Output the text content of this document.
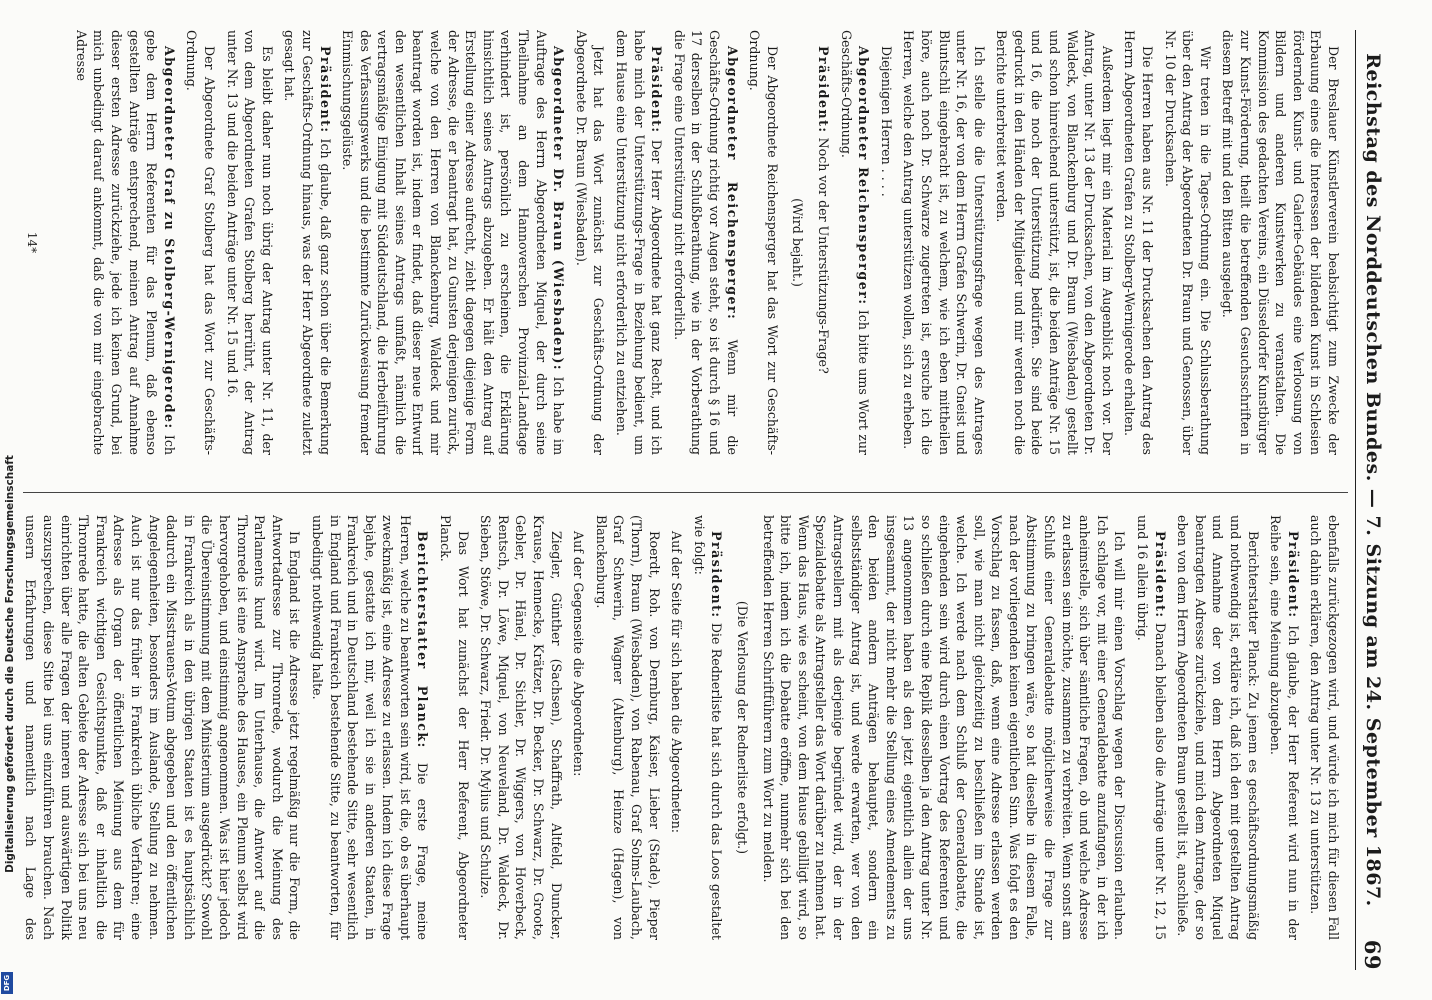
Reichstag des Norddeutschen Bundes. — 7. Sitzung am 24. September 1867.
69

Der Breslauer Künstlerverein beabsichtigt zum Zwecke der Erbauung eines die Interessen der bildenden Kunst in Schlesien fördernden Kunst- und Galerie-Gebäudes eine Verloosung von Bildern und anderen Kunstwerken zu veranstalten. Die Kommission des gedachten Vereins, ein Düsseldorfer Kunstbürger zur Kunst-Förderung, theilt die betreffenden Gesuchsschriften in diesem Betreff mit und den Bitten ausgelegt.

Wir treten in die Tages-Ordnung ein. Die Schlussberathung über den Antrag der Abgeordneten Dr. Braun und Genossen, über Nr. 10 der Drucksachen.

Die Herren haben aus Nr. 11 der Drucksachen den Antrag des Herrn Abgeordneten Grafen zu Stolberg-Wernigerode erhalten.

Außerdem liegt mir ein Material im Augenblick noch vor. Der Antrag, unter Nr. 13 der Drucksachen, von den Abgeordneten Dr. Waldeck, von Blanckenburg und Dr. Braun (Wiesbaden) gestellt und schon hinreichend unterstützt, ist, die beiden Anträge Nr. 15 und 16, die noch der Unterstützung bedürfen. Sie sind beide gedruckt in den Händen der Mitglieder und mir werden noch die Berichte unterbreitet werden.

Ich stelle die die Unterstützungsfrage wegen des Antrages unter Nr. 16, der von dem Herrn Grafen Schwerin, Dr. Gneist und Bluntschli eingebracht ist, zu welchem, wie ich eben mittheilen höre, auch noch Dr. Schwarze zugetreten ist, ersuche ich die Herren, welche den Antrag unterstützen wollen, sich zu erheben.

Diejenigen Herren . . . .

Abgeordneter Reichensperger: Ich bitte ums Wort zur Geschäfts-Ordnung.

Präsident: Noch vor der Unterstützungs-Frage?

(Wird bejaht.)

Der Abgeordnete Reichensperger hat das Wort zur Geschäfts-Ordnung.

Abgeordneter Reichensperger: Wenn mir die Geschäfts-Ordnung richtig vor Augen steht, so ist durch § 16 und 17 derselben in der Schlußberathung, wie in der Vorberathung die Frage eine Unterstützung nicht erforderlich.

Präsident: Der Herr Abgeordnete hat ganz Recht, und ich habe mich der Unterstützungs-Frage in Beziehung bedient, um dem Hause eine Unterstützung nicht erforderlich zu entziehen.

Jetzt hat das Wort zunächst zur Geschäfts-Ordnung der Abgeordnete Dr. Braun (Wiesbaden).

Abgeordneter Dr. Braun (Wiesbaden): Ich habe im Auftrage des Herrn Abgeordneten Miquel, der durch seine Theilnahme an dem Hannoverschen Provinzial-Landtage verhindert ist, persönlich zu erscheinen, die Erklärung hinsichtlich seines Antrags abzugeben. Er hält den Antrag auf Erstellung einer Adresse aufrecht, zieht dagegen diejenige Form der Adresse, die er beantragt hat, zu Gunsten derjenigen zurück, welche von den Herren von Blanckenburg, Waldeck und mir beantragt worden ist, indem er findet, daß dieser neue Entwurf den wesentlichen Inhalt seines Antrags umfaßt, nämlich die vertragsmäßige Einigung mit Süddeutschland, die Herbeiführung des Verfassungswerks und die bestimmte Zurückweisung fremder Einmischungsgelüste.

Präsident: Ich glaube, daß ganz schon über die Bemerkung zur Geschäfts-Ordnung hinaus, was der Herr Abgeordnete zuletzt gesagt hat.

Es bleibt daher nun noch übrig der Antrag unter Nr. 11, der von dem Abgeordneten Grafen Stolberg herrührt, der Antrag unter Nr. 13 und die beiden Anträge unter Nr. 15 und 16.

Der Abgeordnete Graf Stolberg hat das Wort zur Geschäfts-Ordnung.

Abgeordneter Graf zu Stolberg-Wernigerode: Ich gebe dem Herrn Referenten für das Plenum, daß ebenso gestellten Anträge entsprechend, meinen Antrag auf Annahme dieser ersten Adresse zurückziehe, jede ich keinen Grund, bei mich unbedingt darauf ankommt, daß die von mir eingebrachte Adresse

14*

ebenfalls zurückgezogen wird, und würde ich mich für diesen Fall auch dahin erklären, den Antrag unter Nr. 13 zu unterstützen.

Präsident: Ich glaube, der Herr Referent wird nun in der Reihe sein, eine Meinung abzugeben.

Berichterstatter Planck: Zu jenem es geschäftsordnungsmäßig und nothwendig ist, erkläre ich, daß ich den mit gestellten Antrag und Annahme der von dem Herrn Abgeordneten Miquel beantragten Adresse zurückziehe, und mich dem Antrage, der so eben von dem Herrn Abgeordneten Braun gestellt ist, anschließe.

Präsident: Danach bleiben also die Anträge unter Nr. 12, 15 und 16 allein übrig.

Ich will mir einen Vorschlag wegen der Discussion erlauben. Ich schlage vor, mit einer Generaldebatte anzufangen, in der ich anheimstelle, sich über sämtliche Fragen, ob und welche Adresse zu erlassen sein möchte, zusammen zu verbreiten. Wenn sonst am Schluß einer Generaldebatte möglicherweise die Frage zur Abstimmung zu bringen wäre, so hat dieselbe in diesem Falle, nach der vorliegenden keinen eigentlichen Sinn. Was folgt es den Vorschlag zu fassen, daß, wenn eine Adresse erlassen werden soll, wie man nicht gleichzeitig zu beschließen im Stande ist, welche. Ich werde nach dem Schluß der Generaldebatte, die eingehenden sein wird durch einen Vortrag des Referenten und so schließen durch eine Replik desselben ja den Antrag unter Nr. 13 angenommen haben als den jetzt eigentlich allein der uns insgesammt, der nicht mehr die Stellung eines Amendements zu den beiden andern Anträgen behauptet, sondern ein selbstständiger Antrag ist, und werde erwarten, wer von den Antragstellern mit als derjenige begründet wird, der in der Spezialdebatte als Antragsteller das Wort darüber zu nehmen hat. Wenn das Haus, wie es scheint, von dem Hause gebilligt wird, so bitte ich, indem ich die Debatte eröffne, nunmehr sich bei den betreffenden Herren Schriftführern zum Wort zu melden.

(Die Verlosung der Rednerliste erfolgt.)

Präsident: Die Rednerliste hat sich durch das Loos gestaltet wie folgt:

Auf der Seite für sich haben die Abgeordneten:

Roerdt, Roh. von Dernburg, Kaiser, Lieber (Stade), Pieper (Thorn), Braun (Wiesbaden), von Rabenau, Graf Solms-Laubach, Graf Schwerin, Wagner (Altenburg), Heinze (Hagen), von Blanckenburg.

Auf der Gegenseite die Abgeordneten:

Ziegler, Günther (Sachsen), Schaffrath, Altfeld, Duncker, Krause, Hennecke, Krätzer, Dr. Becker, Dr. Schwarz, Dr. Groote, Gebler, Dr. Hänel, Dr. Sichler, Dr. Wiggers, von Hoverbeck, Rentsch, Dr. Löwe, Miquel, von Neuveland, Dr. Waldeck, Dr. Sieben, Stöwe, Dr. Schwarz, Friedr. Dr. Mylius und Schulze.

Das Wort hat zunächst der Herr Referent, Abgeordneter Planck.

Berichterstatter Planck: Die erste Frage, meine Herren, welche zu beantworten sein wird, ist die, ob es überhaupt zweckmäßig ist, eine Adresse zu erlassen. Indem ich diese Frage bejahe, gestatte ich mir, weil ich sie in anderen Staaten, in Frankreich und in Deutschland bestehende Sitte, sehr wesentlich in England und Frankreich bestehende Sitte, zu beantworten, für unbedingt nothwendig halte.

In England ist die Adresse jetzt regelmäßig nur die Form, die Antwortadresse zur Thronrede, wodurch die Meinung des Parlaments kund wird. Im Unterhause, die Antwort auf die Thronrede ist eine Ansprache des Hauses, ein Plenum selbst wird hervorgehoben, und einstimmig angenommen. Was ist hier jedoch die Übereinstimmung mit dem Ministerium ausgedrückt? Sowohl in Frankreich als in den übrigen Staaten ist es hauptsächlich dadurch ein Misstrauens-Votum abgegeben und den öffentlichen Angelegenheiten, besonders im Auslande, Stellung zu nehmen. Auch ist nur das früher in Frankreich übliche Verfahren; eine Adresse als Organ der öffentlichen Meinung aus dem für Frankreich wichtigen Gesichtspunkte, daß er inhaltlich die Thronrede hatte, die alten Gebiete der Adresse sich bei uns neu einrichten über alle Fragen der inneren und auswärtigen Politik auszusprechen, diese Sitte bei uns einzuführen brauchen. Nach unsern Erfahrungen und namentlich nach Lage des

Digitalisierung gefördert durch die Deutsche Forschungsgemeinschaft
DFG
